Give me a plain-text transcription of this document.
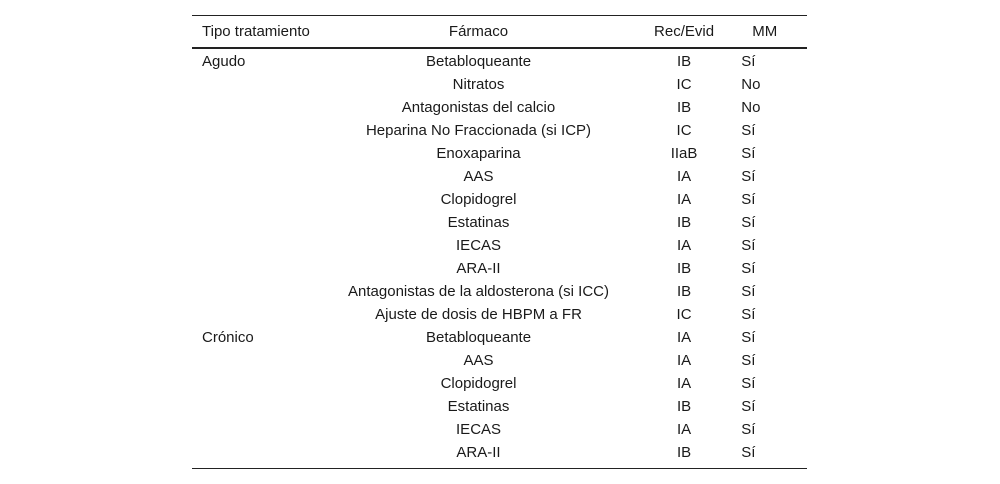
Tipo tratamiento	Fármaco	Rec/Evid	MM
Agudo	Betabloqueante	IB	Sí
	Nitratos	IC	No
	Antagonistas del calcio	IB	No
	Heparina No Fraccionada (si ICP)	IC	Sí
	Enoxaparina	IIaB	Sí
	AAS	IA	Sí
	Clopidogrel	IA	Sí
	Estatinas	IB	Sí
	IECAS	IA	Sí
	ARA-II	IB	Sí
	Antagonistas de la aldosterona (si ICC)	IB	Sí
	Ajuste de dosis de HBPM a FR	IC	Sí
Crónico	Betabloqueante	IA	Sí
	AAS	IA	Sí
	Clopidogrel	IA	Sí
	Estatinas	IB	Sí
	IECAS	IA	Sí
	ARA-II	IB	Sí
